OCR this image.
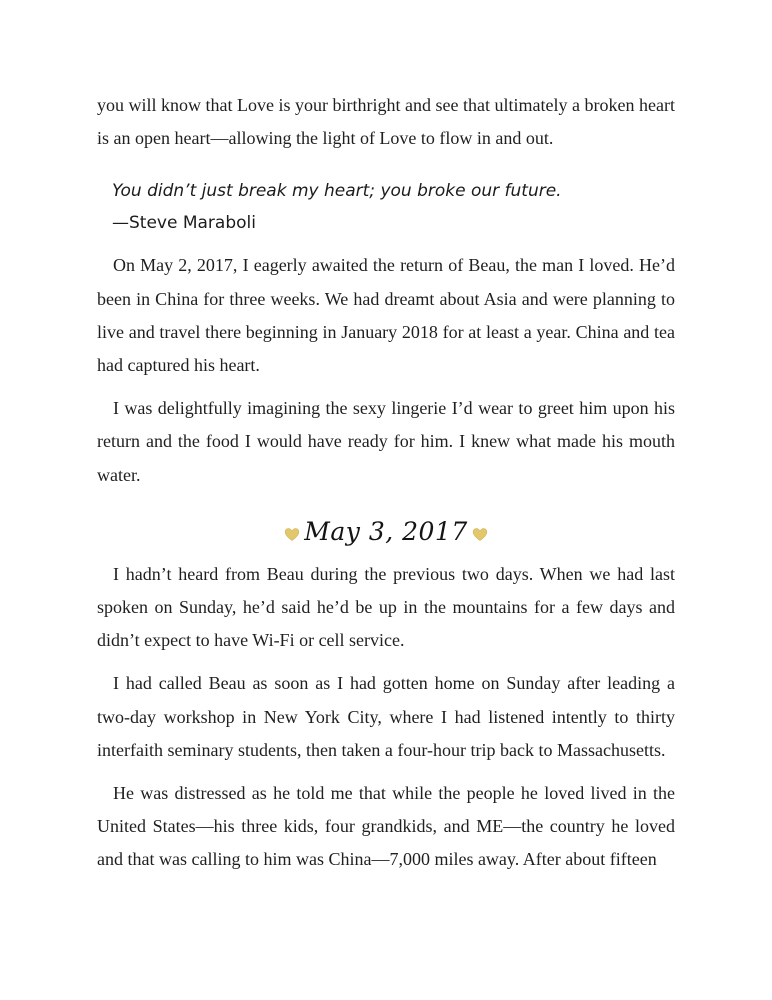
you will know that Love is your birthright and see that ultimately a broken heart is an open heart—allowing the light of Love to flow in and out.

You didn’t just break my heart; you broke our future.
—Steve Maraboli

On May 2, 2017, I eagerly awaited the return of Beau, the man I loved. He’d been in China for three weeks. We had dreamt about Asia and were planning to live and travel there beginning in January 2018 for at least a year. China and tea had captured his heart.

I was delightfully imagining the sexy lingerie I’d wear to greet him upon his return and the food I would have ready for him. I knew what made his mouth water.

May 3, 2017

I hadn’t heard from Beau during the previous two days. When we had last spoken on Sunday, he’d said he’d be up in the mountains for a few days and didn’t expect to have Wi-Fi or cell service.

I had called Beau as soon as I had gotten home on Sunday after leading a two-day workshop in New York City, where I had listened intently to thirty interfaith seminary students, then taken a four-hour trip back to Massachusetts.

He was distressed as he told me that while the people he loved lived in the United States—his three kids, four grandkids, and ME—the country he loved and that was calling to him was China—7,000 miles away. After about fifteen
